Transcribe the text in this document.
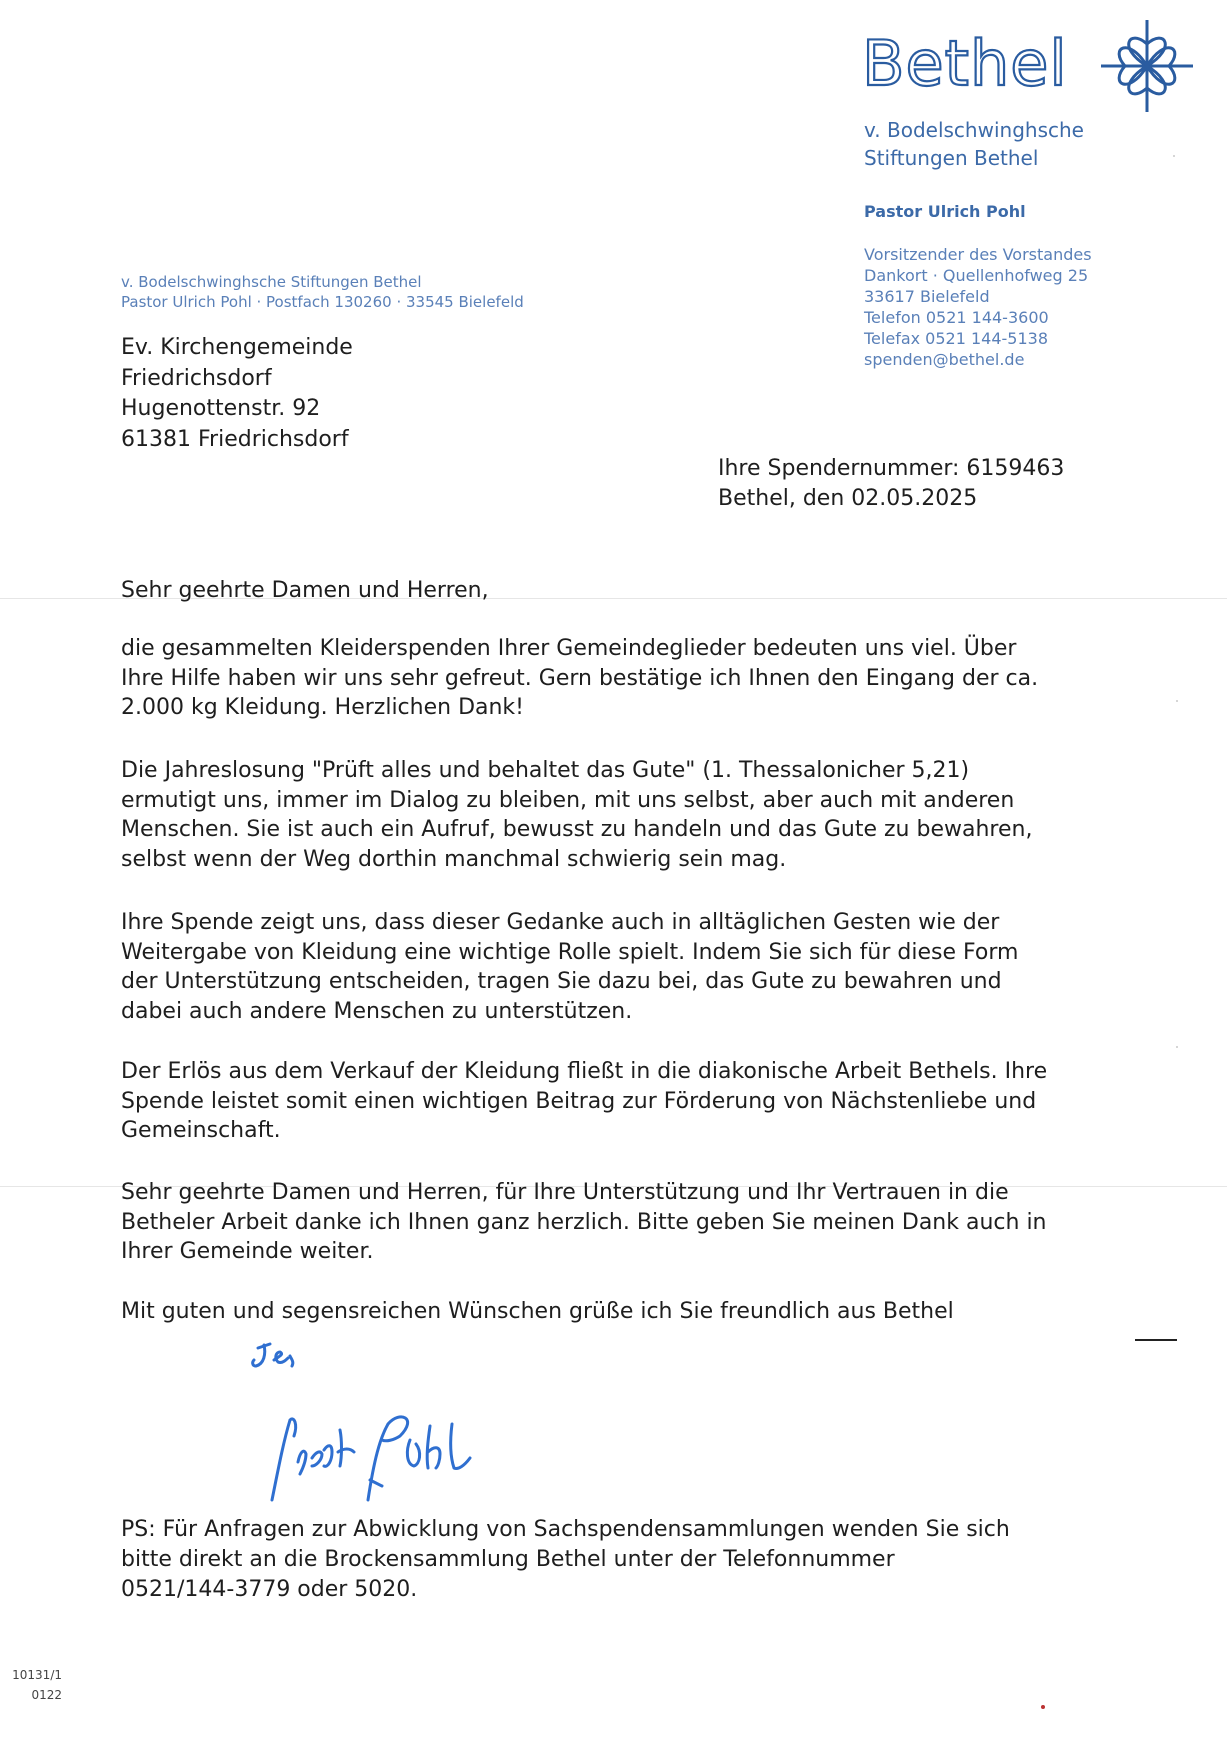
Bethel
v. Bodelschwinghsche
Stiftungen Bethel
Pastor Ulrich Pohl
Vorsitzender des Vorstandes
Dankort · Quellenhofweg 25
33617 Bielefeld
Telefon 0521 144-3600
Telefax 0521 144-5138
spenden@bethel.de
v. Bodelschwinghsche Stiftungen Bethel
Pastor Ulrich Pohl · Postfach 130260 · 33545 Bielefeld
Ev. Kirchengemeinde
Friedrichsdorf
Hugenottenstr. 92
61381 Friedrichsdorf
Ihre Spendernummer: 6159463
Bethel, den 02.05.2025
Sehr geehrte Damen und Herren,
die gesammelten Kleiderspenden Ihrer Gemeindeglieder bedeuten uns viel. Über
Ihre Hilfe haben wir uns sehr gefreut. Gern bestätige ich Ihnen den Eingang der ca.
2.000 kg Kleidung. Herzlichen Dank!
Die Jahreslosung "Prüft alles und behaltet das Gute" (1. Thessalonicher 5,21)
ermutigt uns, immer im Dialog zu bleiben, mit uns selbst, aber auch mit anderen
Menschen. Sie ist auch ein Aufruf, bewusst zu handeln und das Gute zu bewahren,
selbst wenn der Weg dorthin manchmal schwierig sein mag.
Ihre Spende zeigt uns, dass dieser Gedanke auch in alltäglichen Gesten wie der
Weitergabe von Kleidung eine wichtige Rolle spielt. Indem Sie sich für diese Form
der Unterstützung entscheiden, tragen Sie dazu bei, das Gute zu bewahren und
dabei auch andere Menschen zu unterstützen.
Der Erlös aus dem Verkauf der Kleidung fließt in die diakonische Arbeit Bethels. Ihre
Spende leistet somit einen wichtigen Beitrag zur Förderung von Nächstenliebe und
Gemeinschaft.
Sehr geehrte Damen und Herren, für Ihre Unterstützung und Ihr Vertrauen in die
Betheler Arbeit danke ich Ihnen ganz herzlich. Bitte geben Sie meinen Dank auch in
Ihrer Gemeinde weiter.
Mit guten und segensreichen Wünschen grüße ich Sie freundlich aus Bethel
PS: Für Anfragen zur Abwicklung von Sachspendensammlungen wenden Sie sich
bitte direkt an die Brockensammlung Bethel unter der Telefonnummer
0521/144-3779 oder 5020.
10131/1
0122
